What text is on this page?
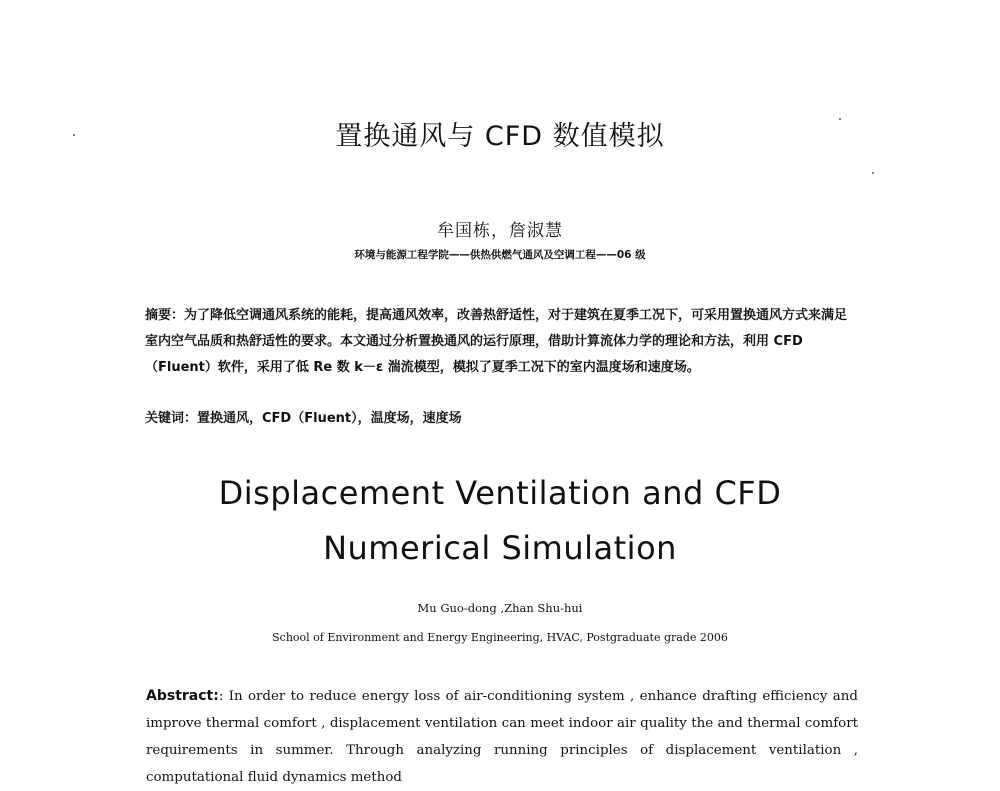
置换通风与 CFD 数值模拟
牟国栋，詹淑慧
环境与能源工程学院——供热供燃气通风及空调工程——06 级
摘要：为了降低空调通风系统的能耗，提高通风效率，改善热舒适性，对于建筑在夏季工况下，可采用置换通风方式来满足室内空气品质和热舒适性的要求。本文通过分析置换通风的运行原理，借助计算流体力学的理论和方法，利用 CFD（Fluent）软件，采用了低 Re 数 k－ε 湍流模型，模拟了夏季工况下的室内温度场和速度场。
关键词：置换通风，CFD（Fluent），温度场，速度场
Displacement Ventilation and CFD Numerical Simulation
Mu Guo-dong ,Zhan Shu-hui
School of Environment and Energy Engineering, HVAC, Postgraduate grade 2006
Abstract:: In order to reduce energy loss of air-conditioning system , enhance drafting efficiency and improve thermal comfort , displacement ventilation can meet indoor air quality the and thermal comfort requirements in summer. Through analyzing running principles of displacement ventilation , computational fluid dynamics method
